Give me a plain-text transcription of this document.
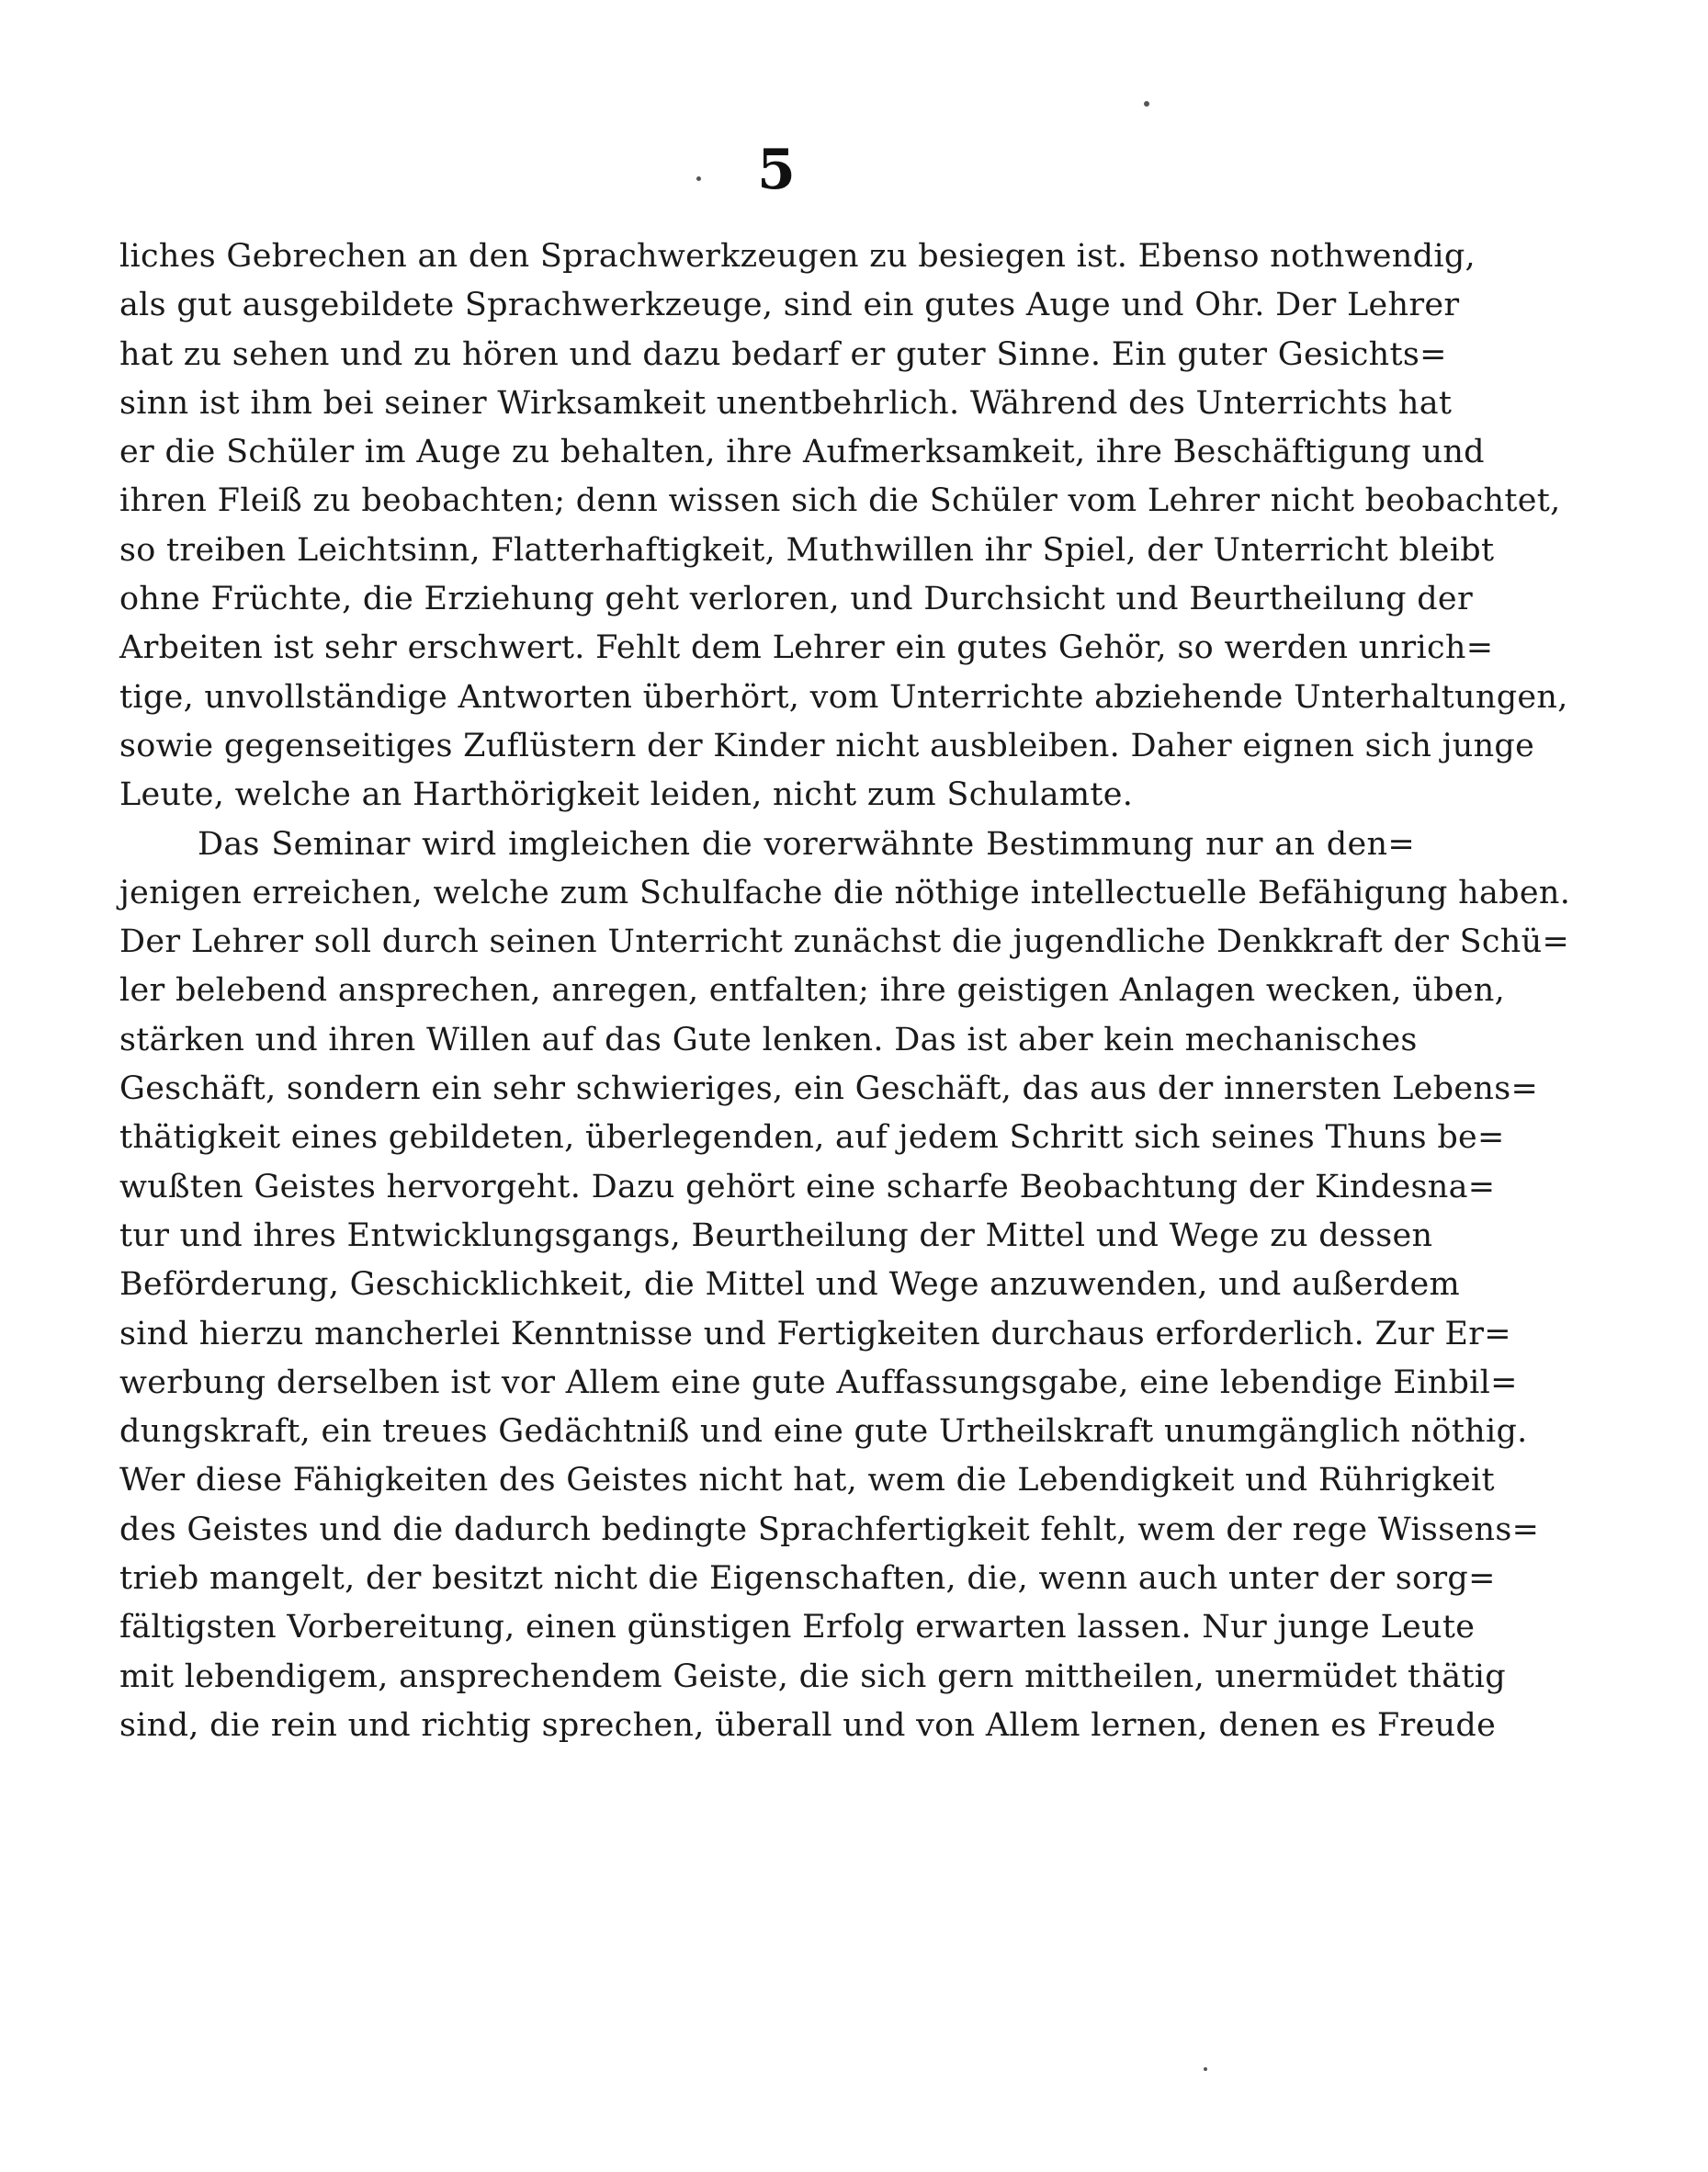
5
liches Gebrechen an den Sprachwerkzeugen zu besiegen ist. Ebenso nothwendig,
als gut ausgebildete Sprachwerkzeuge, sind ein gutes Auge und Ohr. Der Lehrer
hat zu sehen und zu hören und dazu bedarf er guter Sinne. Ein guter Gesichts=
sinn ist ihm bei seiner Wirksamkeit unentbehrlich. Während des Unterrichts hat
er die Schüler im Auge zu behalten, ihre Aufmerksamkeit, ihre Beschäftigung und
ihren Fleiß zu beobachten; denn wissen sich die Schüler vom Lehrer nicht beobachtet,
so treiben Leichtsinn, Flatterhaftigkeit, Muthwillen ihr Spiel, der Unterricht bleibt
ohne Früchte, die Erziehung geht verloren, und Durchsicht und Beurtheilung der
Arbeiten ist sehr erschwert. Fehlt dem Lehrer ein gutes Gehör, so werden unrich=
tige, unvollständige Antworten überhört, vom Unterrichte abziehende Unterhaltungen,
sowie gegenseitiges Zuflüstern der Kinder nicht ausbleiben. Daher eignen sich junge
Leute, welche an Harthörigkeit leiden, nicht zum Schulamte.
Das Seminar wird imgleichen die vorerwähnte Bestimmung nur an den=
jenigen erreichen, welche zum Schulfache die nöthige intellectuelle Befähigung haben.
Der Lehrer soll durch seinen Unterricht zunächst die jugendliche Denkkraft der Schü=
ler belebend ansprechen, anregen, entfalten; ihre geistigen Anlagen wecken, üben,
stärken und ihren Willen auf das Gute lenken. Das ist aber kein mechanisches
Geschäft, sondern ein sehr schwieriges, ein Geschäft, das aus der innersten Lebens=
thätigkeit eines gebildeten, überlegenden, auf jedem Schritt sich seines Thuns be=
wußten Geistes hervorgeht. Dazu gehört eine scharfe Beobachtung der Kindesna=
tur und ihres Entwicklungsgangs, Beurtheilung der Mittel und Wege zu dessen
Beförderung, Geschicklichkeit, die Mittel und Wege anzuwenden, und außerdem
sind hierzu mancherlei Kenntnisse und Fertigkeiten durchaus erforderlich. Zur Er=
werbung derselben ist vor Allem eine gute Auffassungsgabe, eine lebendige Einbil=
dungskraft, ein treues Gedächtniß und eine gute Urtheilskraft unumgänglich nöthig.
Wer diese Fähigkeiten des Geistes nicht hat, wem die Lebendigkeit und Rührigkeit
des Geistes und die dadurch bedingte Sprachfertigkeit fehlt, wem der rege Wissens=
trieb mangelt, der besitzt nicht die Eigenschaften, die, wenn auch unter der sorg=
fältigsten Vorbereitung, einen günstigen Erfolg erwarten lassen. Nur junge Leute
mit lebendigem, ansprechendem Geiste, die sich gern mittheilen, unermüdet thätig
sind, die rein und richtig sprechen, überall und von Allem lernen, denen es Freude
